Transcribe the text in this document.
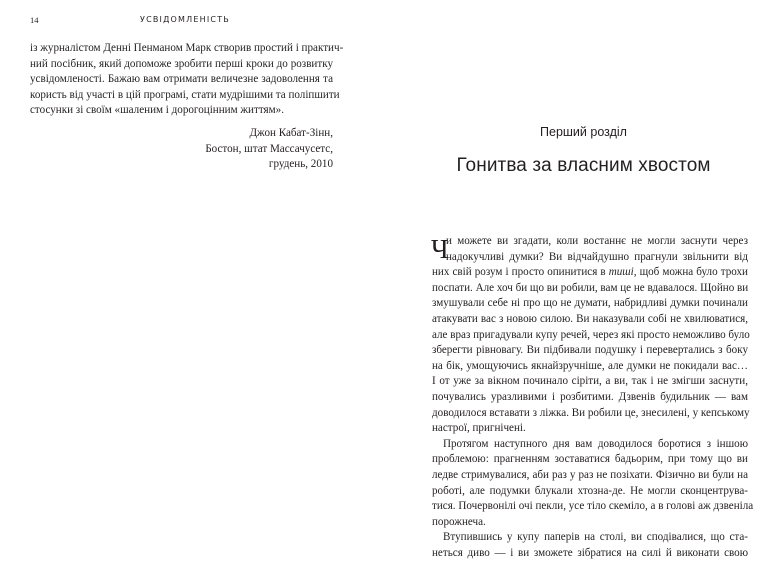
14	УСВІДОМЛЕНІСТЬ
із журналістом Денні Пенманом Марк створив простий і практич-
ний посібник, який допоможе зробити перші кроки до розвитку
усвідомленості. Бажаю вам отримати величезне задоволення та
користь від участі в цій програмі, стати мудрішими та поліпшити
стосунки зі своїм «шаленим і дорогоцінним життям».
Джон Кабат-Зінн,
Бостон, штат Массачусетс,
грудень, 2010
Перший розділ
Гонитва за власним хвостом
Ч
и можете ви згадати, коли востаннє не могли заснути через
надокучливі думки? Ви відчайдушно прагнули звільнити від
них свій розум і просто опинитися в тиші, щоб можна було трохи
поспати. Але хоч би що ви робили, вам це не вдавалося. Щойно ви
змушували себе ні про що не думати, набридливі думки починали
атакувати вас з новою силою. Ви наказували собі не хвилюватися,
але враз пригадували купу речей, через які просто неможливо було
зберегти рівновагу. Ви підбивали подушку і перевертались з боку
на бік, умощуючись якнайзручніше, але думки не покидали вас…
І от уже за вікном починало сіріти, а ви, так і не змігши заснути,
почувались уразливими і розбитими. Дзвенів будильник — вам
доводилося вставати з ліжка. Ви робили це, знесилені, у кепському
настрої, пригнічені.
Протягом наступного дня вам доводилося боротися з іншою
проблемою: прагненням зоставатися бадьорим, при тому що ви
ледве стримувалися, аби раз у раз не позіхати. Фізично ви були на
роботі, але подумки блукали хтозна-де. Не могли сконцентрува-
тися. Почервонілі очі пекли, усе тіло скеміло, а в голові аж дзвеніла
порожнеча.
Втупившись у купу паперів на столі, ви сподівалися, що ста-
неться диво — і ви зможете зібратися на силі й виконати свою
